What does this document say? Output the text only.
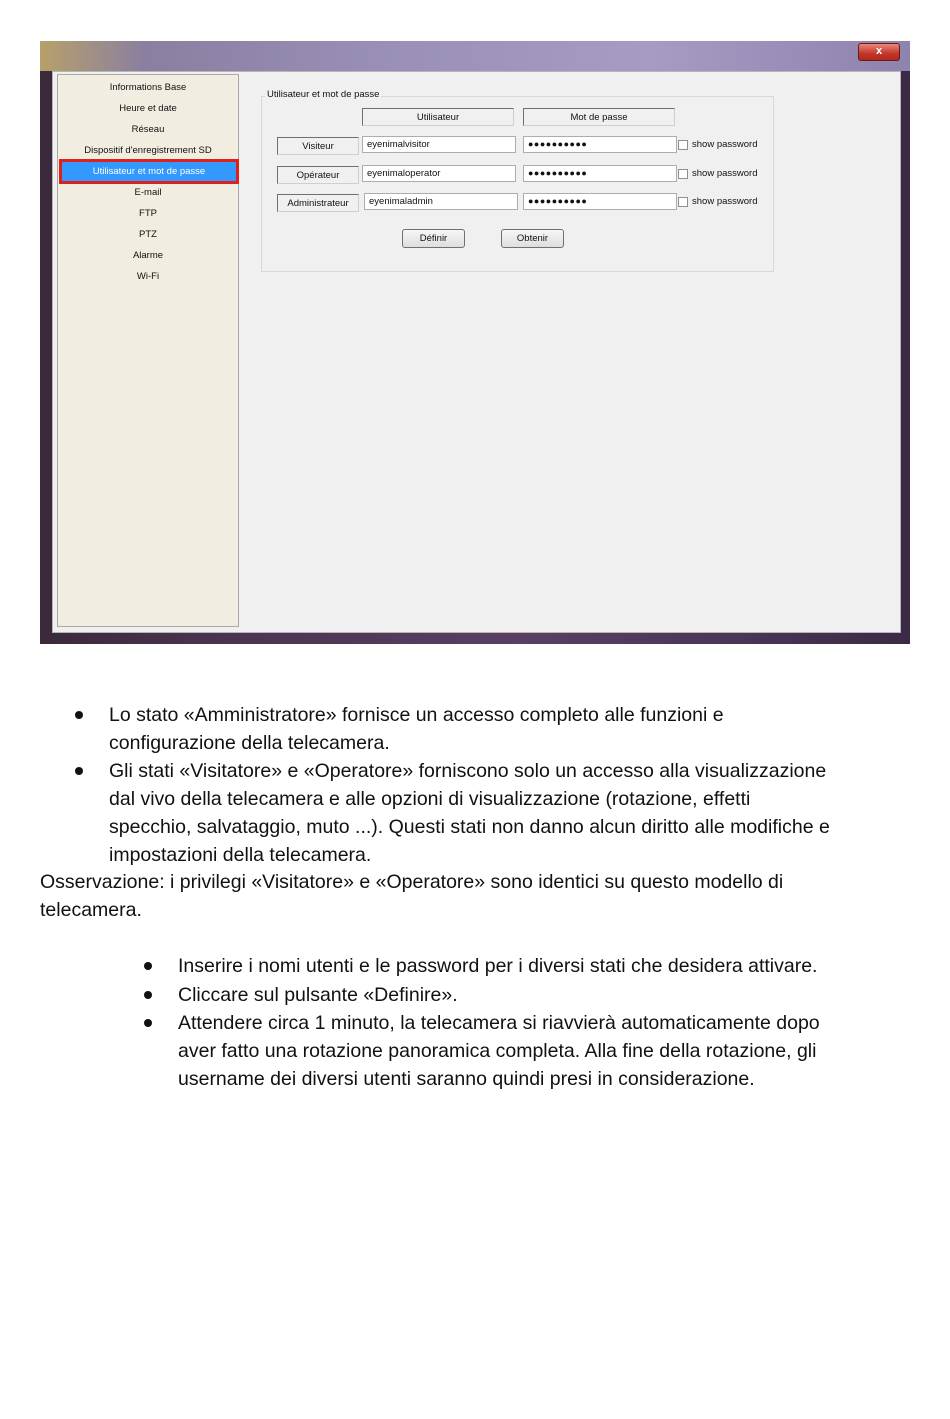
x
Informations Base
Heure et date
Réseau
Dispositif d'enregistrement SD
Utilisateur et mot de passe
E-mail
FTP
PTZ
Alarme
Wi-Fi
Utilisateur et mot de passe
Utilisateur	Mot de passe
Visiteur	eyenimalvisitor	●●●●●●●●●●	show password
Opérateur	eyenimaloperator	●●●●●●●●●●	show password
Administrateur	eyenimaladmin	●●●●●●●●●●	show password
Définir	Obtenir
Lo stato «Amministratore» fornisce un accesso completo alle funzioni e
configurazione della telecamera.
Gli stati «Visitatore» e «Operatore» forniscono solo un accesso alla visualizzazione
dal vivo della telecamera e alle opzioni di visualizzazione (rotazione, effetti
specchio, salvataggio, muto ...). Questi stati non danno alcun diritto alle modifiche e
impostazioni della telecamera.
Osservazione: i privilegi «Visitatore» e «Operatore» sono identici su questo modello di
telecamera.
Inserire i nomi utenti e le password per i diversi stati che desidera attivare.
Cliccare sul pulsante «Definire».
Attendere circa 1 minuto, la telecamera si riavvierà automaticamente dopo
aver fatto una rotazione panoramica completa. Alla fine della rotazione, gli
username dei diversi utenti saranno quindi presi in considerazione.
